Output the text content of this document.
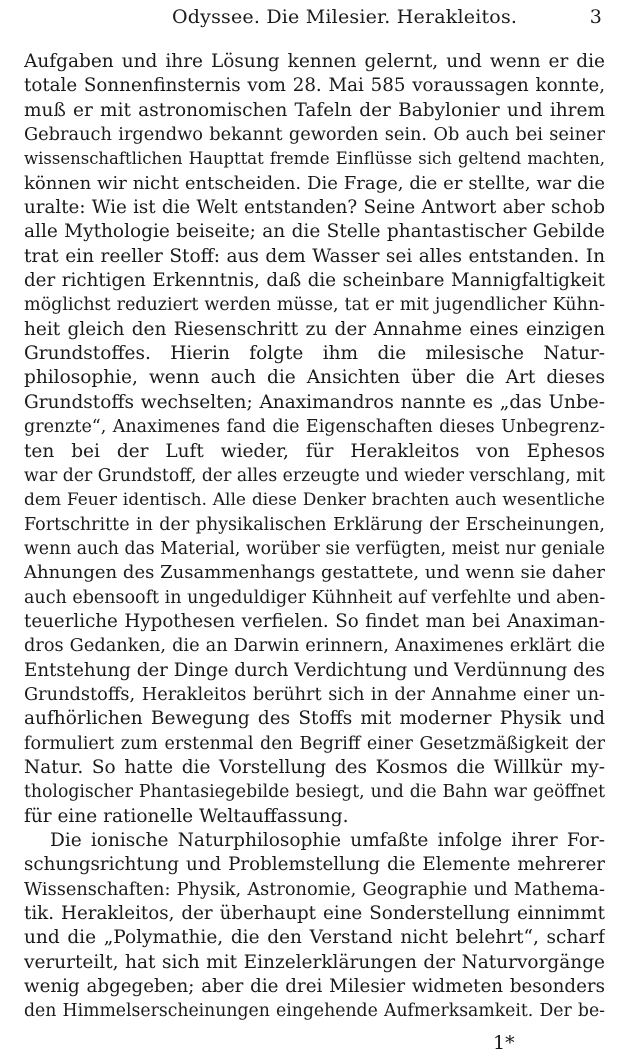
Odyssee. Die Milesier. Herakleitos.	3
Aufgaben und ihre Lösung kennen gelernt, und wenn er die
totale Sonnenfinsternis vom 28. Mai 585 voraussagen konnte,
muß er mit astronomischen Tafeln der Babylonier und ihrem
Gebrauch irgendwo bekannt geworden sein. Ob auch bei seiner
wissenschaftlichen Haupttat fremde Einflüsse sich geltend machten,
können wir nicht entscheiden. Die Frage, die er stellte, war die
uralte: Wie ist die Welt entstanden? Seine Antwort aber schob
alle Mythologie beiseite; an die Stelle phantastischer Gebilde
trat ein reeller Stoff: aus dem Wasser sei alles entstanden. In
der richtigen Erkenntnis, daß die scheinbare Mannigfaltigkeit
möglichst reduziert werden müsse, tat er mit jugendlicher Kühn-
heit gleich den Riesenschritt zu der Annahme eines einzigen
Grundstoffes. Hierin folgte ihm die milesische Natur-
philosophie, wenn auch die Ansichten über die Art dieses
Grundstoffs wechselten; Anaximandros nannte es „das Unbe-
grenzte“, Anaximenes fand die Eigenschaften dieses Unbegrenz-
ten bei der Luft wieder, für Herakleitos von Ephesos
war der Grundstoff, der alles erzeugte und wieder verschlang, mit
dem Feuer identisch. Alle diese Denker brachten auch wesentliche
Fortschritte in der physikalischen Erklärung der Erscheinungen,
wenn auch das Material, worüber sie verfügten, meist nur geniale
Ahnungen des Zusammenhangs gestattete, und wenn sie daher
auch ebensooft in ungeduldiger Kühnheit auf verfehlte und aben-
teuerliche Hypothesen verfielen. So findet man bei Anaximan-
dros Gedanken, die an Darwin erinnern, Anaximenes erklärt die
Entstehung der Dinge durch Verdichtung und Verdünnung des
Grundstoffs, Herakleitos berührt sich in der Annahme einer un-
aufhörlichen Bewegung des Stoffs mit moderner Physik und
formuliert zum erstenmal den Begriff einer Gesetzmäßigkeit der
Natur. So hatte die Vorstellung des Kosmos die Willkür my-
thologischer Phantasiegebilde besiegt, und die Bahn war geöffnet
für eine rationelle Weltauffassung.
Die ionische Naturphilosophie umfaßte infolge ihrer For-
schungsrichtung und Problemstellung die Elemente mehrerer
Wissenschaften: Physik, Astronomie, Geographie und Mathema-
tik. Herakleitos, der überhaupt eine Sonderstellung einnimmt
und die „Polymathie, die den Verstand nicht belehrt“, scharf
verurteilt, hat sich mit Einzelerklärungen der Naturvorgänge
wenig abgegeben; aber die drei Milesier widmeten besonders
den Himmelserscheinungen eingehende Aufmerksamkeit. Der be-
1*
